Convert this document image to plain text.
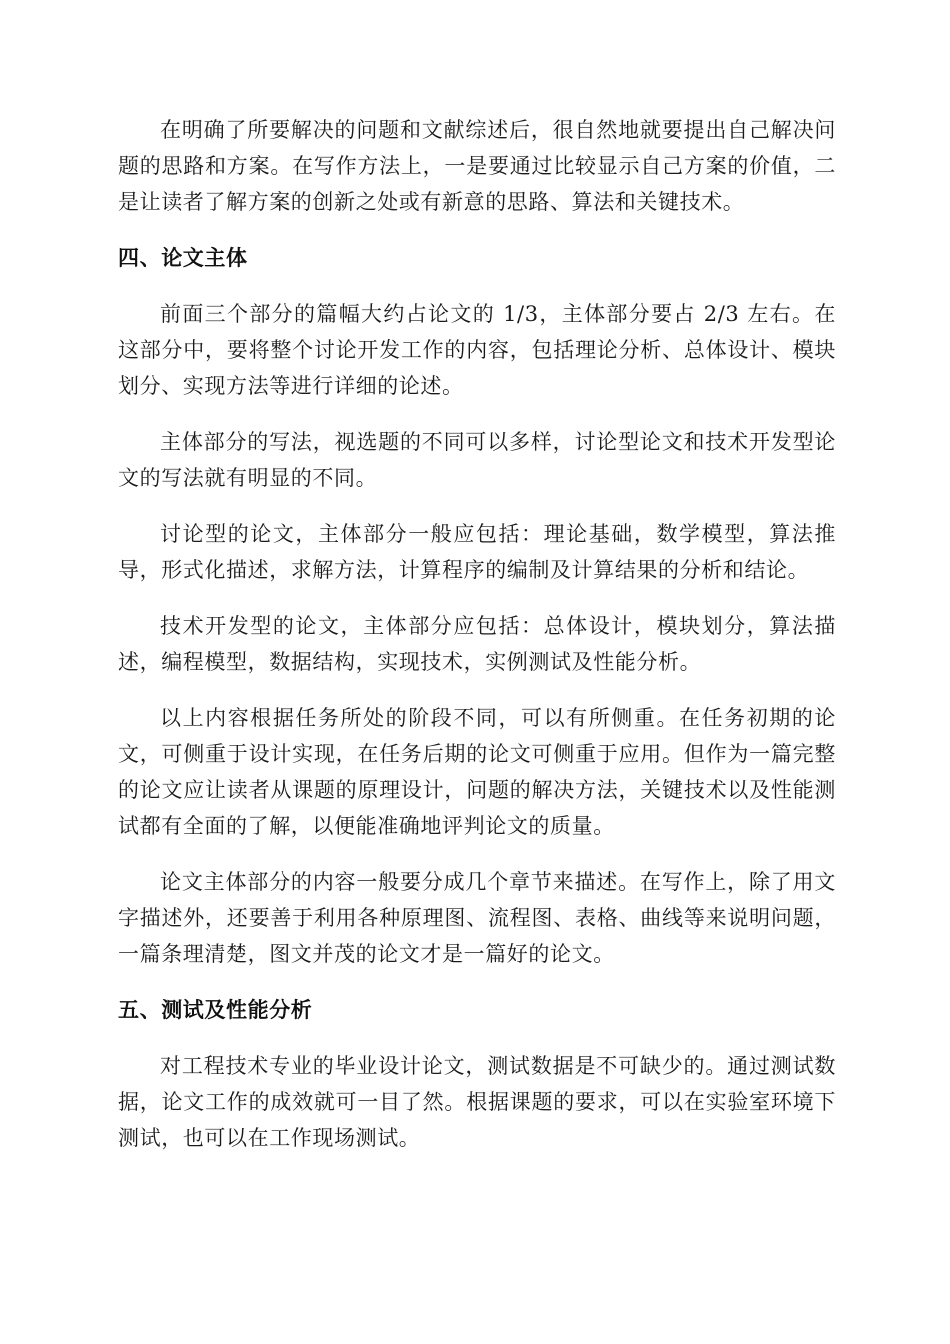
在明确了所要解决的问题和文献综述后，很自然地就要提出自己解决问题的思路和方案。在写作方法上，一是要通过比较显示自己方案的价值，二是让读者了解方案的创新之处或有新意的思路、算法和关键技术。

四、论文主体

前面三个部分的篇幅大约占论文的 1/3，主体部分要占 2/3 左右。在这部分中，要将整个讨论开发工作的内容，包括理论分析、总体设计、模块划分、实现方法等进行详细的论述。

主体部分的写法，视选题的不同可以多样，讨论型论文和技术开发型论文的写法就有明显的不同。

讨论型的论文，主体部分一般应包括：理论基础，数学模型，算法推导，形式化描述，求解方法，计算程序的编制及计算结果的分析和结论。

技术开发型的论文，主体部分应包括：总体设计，模块划分，算法描述，编程模型，数据结构，实现技术，实例测试及性能分析。

以上内容根据任务所处的阶段不同，可以有所侧重。在任务初期的论文，可侧重于设计实现，在任务后期的论文可侧重于应用。但作为一篇完整的论文应让读者从课题的原理设计，问题的解决方法，关键技术以及性能测试都有全面的了解，以便能准确地评判论文的质量。

论文主体部分的内容一般要分成几个章节来描述。在写作上，除了用文字描述外，还要善于利用各种原理图、流程图、表格、曲线等来说明问题，一篇条理清楚，图文并茂的论文才是一篇好的论文。

五、测试及性能分析

对工程技术专业的毕业设计论文，测试数据是不可缺少的。通过测试数据，论文工作的成效就可一目了然。根据课题的要求，可以在实验室环境下测试，也可以在工作现场测试。
